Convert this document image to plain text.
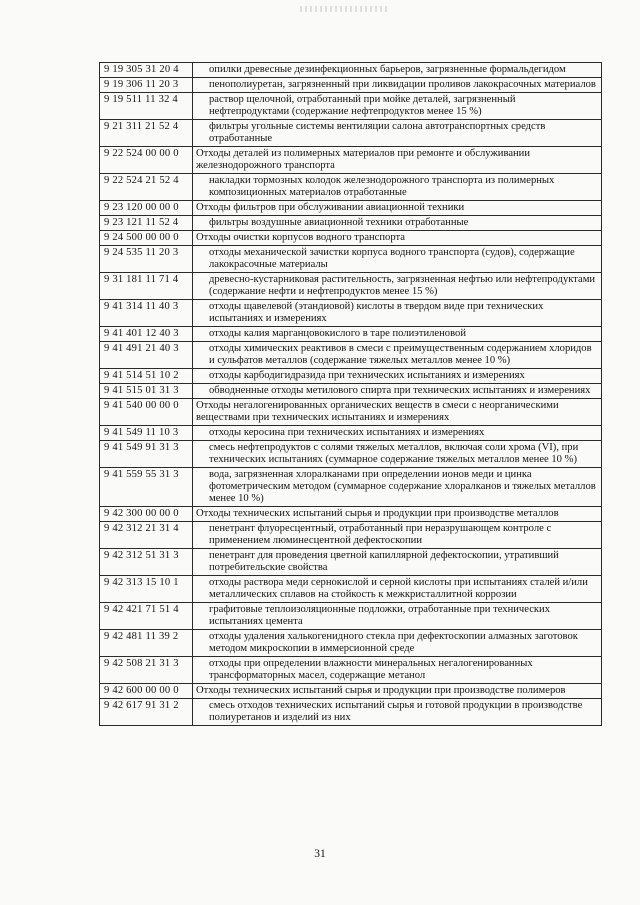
9 19 305 31 20 4	опилки древесные дезинфекционных барьеров, загрязненные формальдегидом
9 19 306 11 20 3	пенополиуретан, загрязненный при ликвидации проливов лакокрасочных материалов
9 19 511 11 32 4	раствор щелочной, отработанный при мойке деталей, загрязненный нефтепродуктами (содержание нефтепродуктов менее 15 %)
9 21 311 21 52 4	фильтры угольные системы вентиляции салона автотранспортных средств отработанные
9 22 524 00 00 0	Отходы деталей из полимерных материалов при ремонте и обслуживании железнодорожного транспорта
9 22 524 21 52 4	накладки тормозных колодок железнодорожного транспорта из полимерных композиционных материалов отработанные
9 23 120 00 00 0	Отходы фильтров при обслуживании авиационной техники
9 23 121 11 52 4	фильтры воздушные авиационной техники отработанные
9 24 500 00 00 0	Отходы очистки корпусов водного транспорта
9 24 535 11 20 3	отходы механической зачистки корпуса водного транспорта (судов), содержащие лакокрасочные материалы
9 31 181 11 71 4	древесно-кустарниковая растительность, загрязненная нефтью или нефтепродуктами (содержание нефти и нефтепродуктов менее 15 %)
9 41 314 11 40 3	отходы щавелевой (этандиовой) кислоты в твердом виде при технических испытаниях и измерениях
9 41 401 12 40 3	отходы калия марганцовокислого в таре полиэтиленовой
9 41 491 21 40 3	отходы химических реактивов в смеси с преимущественным содержанием хлоридов и сульфатов металлов (содержание тяжелых металлов менее 10 %)
9 41 514 51 10 2	отходы карбодигидразида при технических испытаниях и измерениях
9 41 515 01 31 3	обводненные отходы метилового спирта при технических испытаниях и измерениях
9 41 540 00 00 0	Отходы негалогенированных органических веществ в смеси с неорганическими веществами при технических испытаниях и измерениях
9 41 549 11 10 3	отходы керосина при технических испытаниях и измерениях
9 41 549 91 31 3	смесь нефтепродуктов с солями тяжелых металлов, включая соли хрома (VI), при технических испытаниях (суммарное содержание тяжелых металлов менее 10 %)
9 41 559 55 31 3	вода, загрязненная хлоралканами при определении ионов меди и цинка фотометрическим методом (суммарное содержание хлоралканов и тяжелых металлов менее 10 %)
9 42 300 00 00 0	Отходы технических испытаний сырья и продукции при производстве металлов
9 42 312 21 31 4	пенетрант флуоресцентный, отработанный при неразрушающем контроле с применением люминесцентной дефектоскопии
9 42 312 51 31 3	пенетрант для проведения цветной капиллярной дефектоскопии, утративший потребительские свойства
9 42 313 15 10 1	отходы раствора меди сернокислой и серной кислоты при испытаниях сталей и/или металлических сплавов на стойкость к межкристаллитной коррозии
9 42 421 71 51 4	графитовые теплоизоляционные подложки, отработанные при технических испытаниях цемента
9 42 481 11 39 2	отходы удаления халькогенидного стекла при дефектоскопии алмазных заготовок методом микроскопии в иммерсионной среде
9 42 508 21 31 3	отходы при определении влажности минеральных негалогенированных трансформаторных масел, содержащие метанол
9 42 600 00 00 0	Отходы технических испытаний сырья и продукции при производстве полимеров
9 42 617 91 31 2	смесь отходов технических испытаний сырья и готовой продукции в производстве полиуретанов и изделий из них
31
